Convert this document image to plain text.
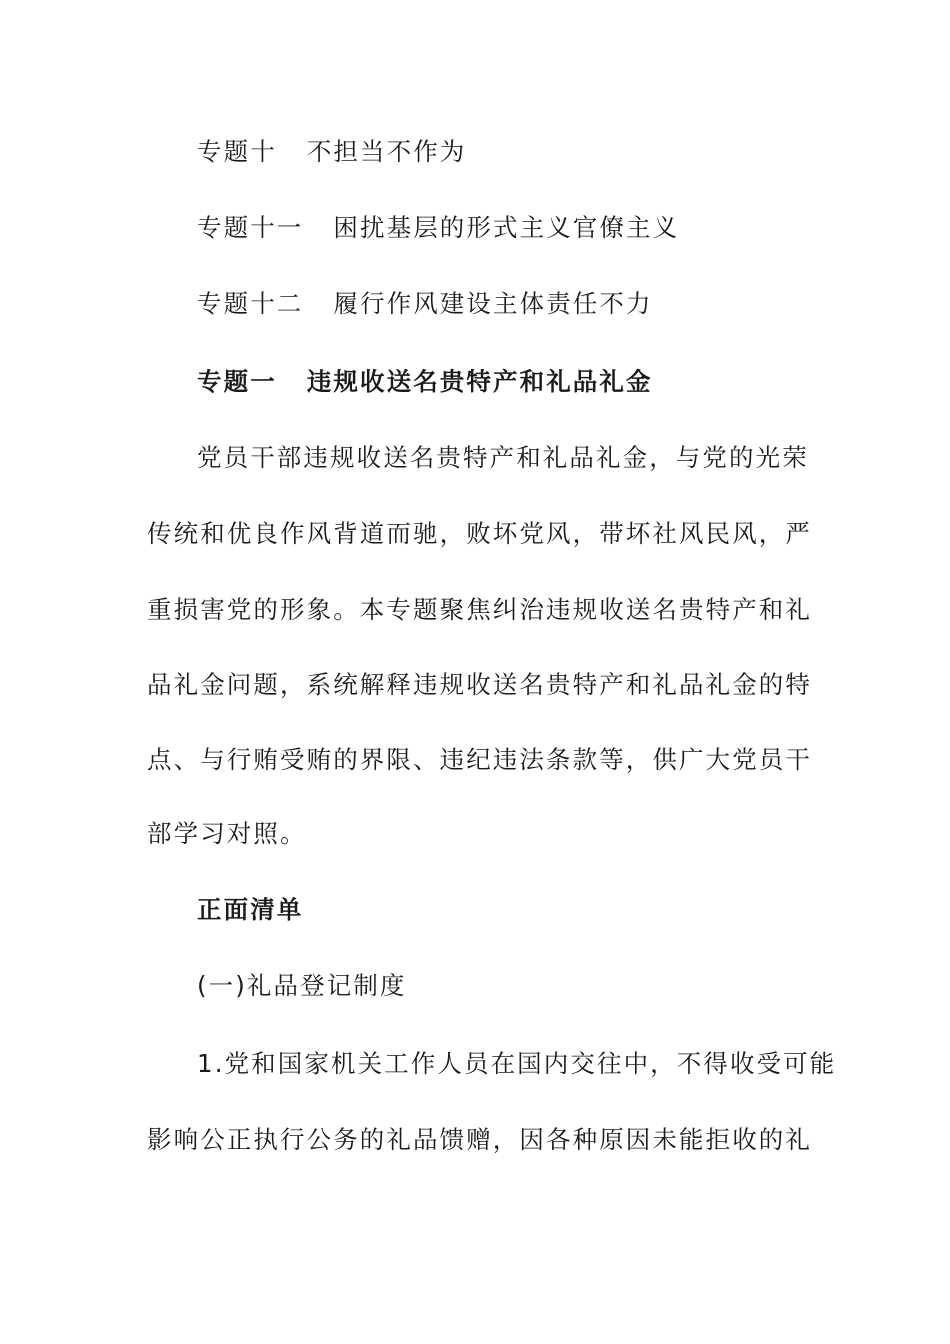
专题十 不担当不作为
专题十一 困扰基层的形式主义官僚主义
专题十二 履行作风建设主体责任不力
专题一 违规收送名贵特产和礼品礼金
党员干部违规收送名贵特产和礼品礼金，与党的光荣
传统和优良作风背道而驰，败坏党风，带坏社风民风，严
重损害党的形象。本专题聚焦纠治违规收送名贵特产和礼
品礼金问题，系统解释违规收送名贵特产和礼品礼金的特
点、与行贿受贿的界限、违纪违法条款等，供广大党员干
部学习对照。
正面清单
(一)礼品登记制度
1.党和国家机关工作人员在国内交往中，不得收受可能
影响公正执行公务的礼品馈赠，因各种原因未能拒收的礼
